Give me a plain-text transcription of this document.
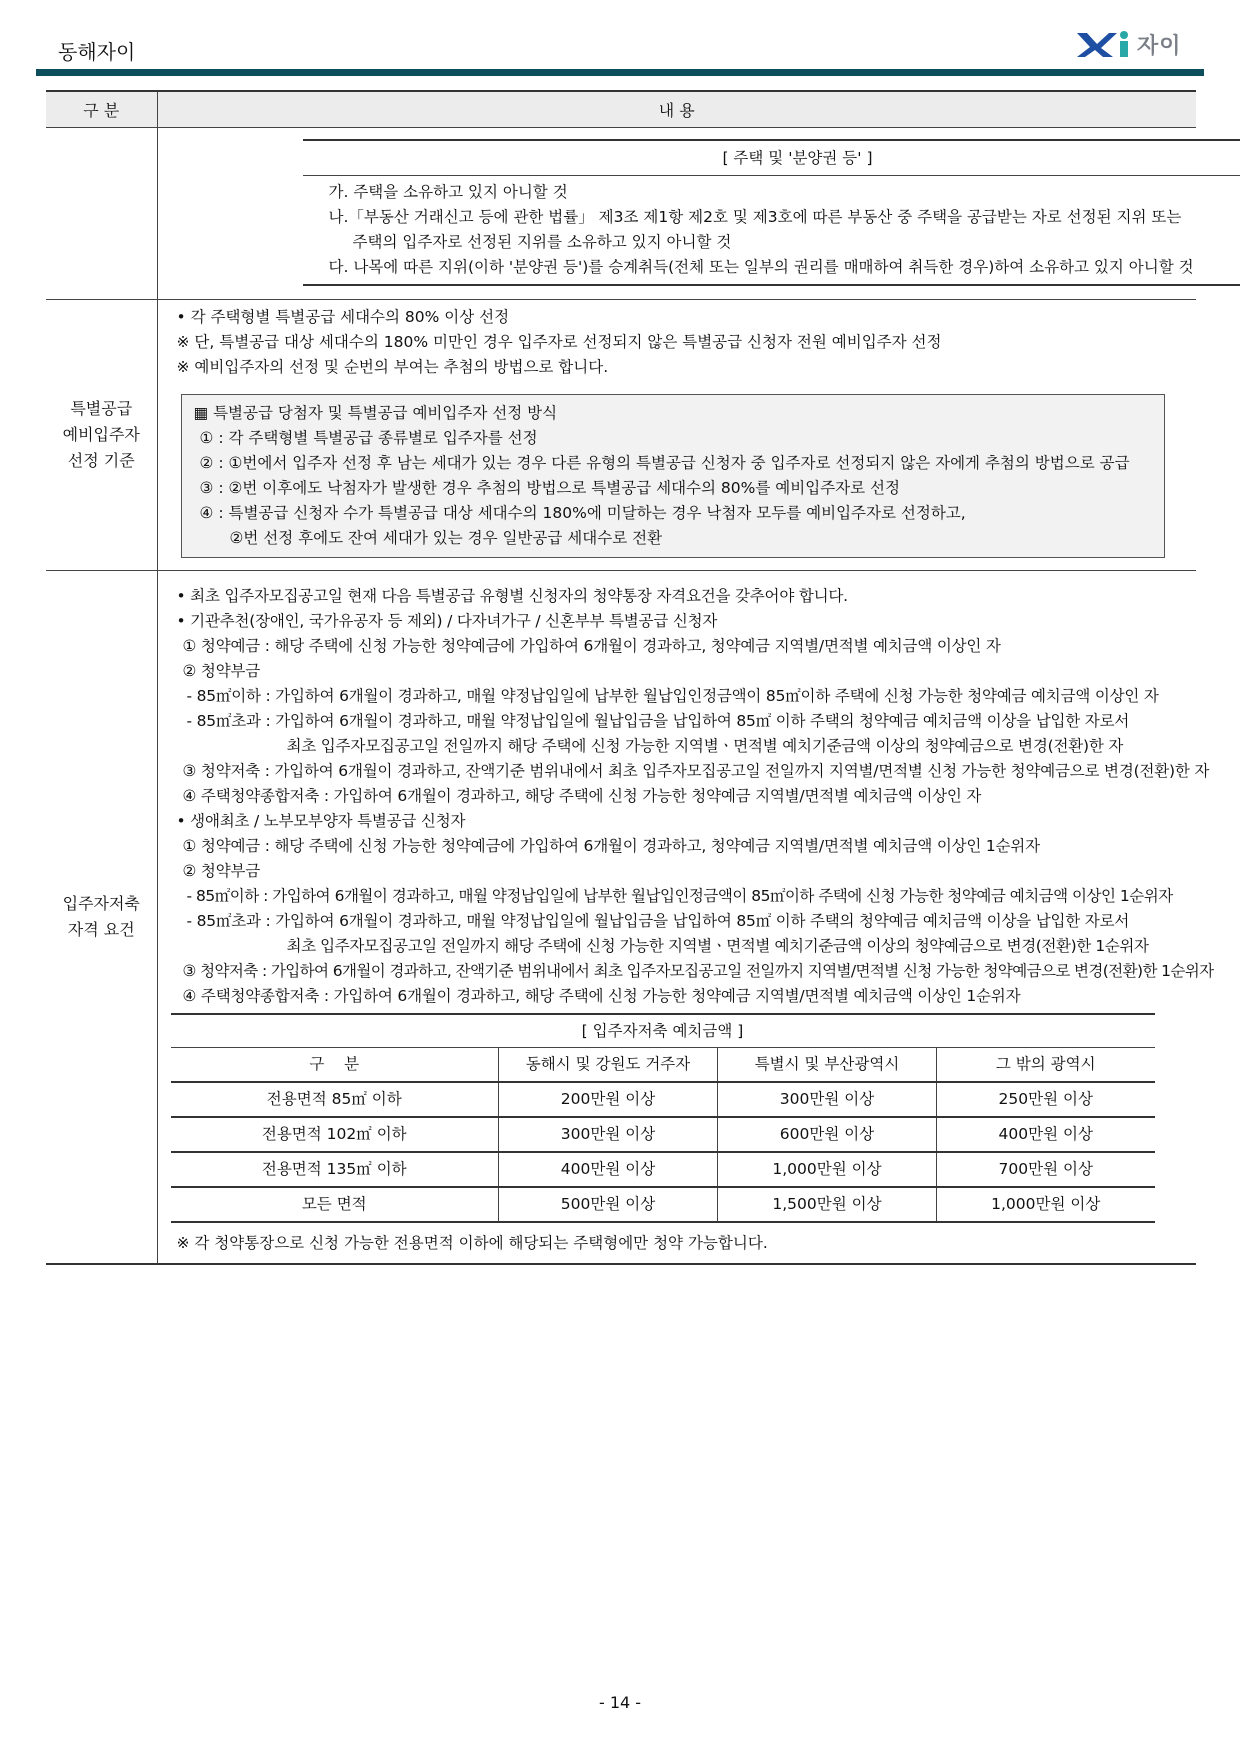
동해자이	자이
구 분	내 용

[ 주택 및 '분양권 등' ]
가. 주택을 소유하고 있지 아니할 것
나.「부동산 거래신고 등에 관한 법률」 제3조 제1항 제2호 및 제3호에 따른 부동산 중 주택을 공급받는 자로 선정된 지위 또는
주택의 입주자로 선정된 지위를 소유하고 있지 아니할 것
다. 나목에 따른 지위(이하 '분양권 등')를 승계취득(전체 또는 일부의 권리를 매매하여 취득한 경우)하여 소유하고 있지 아니할 것

특별공급
예비입주자
선정 기준

• 각 주택형별 특별공급 세대수의 80% 이상 선정
※ 단, 특별공급 대상 세대수의 180% 미만인 경우 입주자로 선정되지 않은 특별공급 신청자 전원 예비입주자 선정
※ 예비입주자의 선정 및 순번의 부여는 추첨의 방법으로 합니다.
▦ 특별공급 당첨자 및 특별공급 예비입주자 선정 방식
① : 각 주택형별 특별공급 종류별로 입주자를 선정
② : ①번에서 입주자 선정 후 남는 세대가 있는 경우 다른 유형의 특별공급 신청자 중 입주자로 선정되지 않은 자에게 추첨의 방법으로 공급
③ : ②번 이후에도 낙첨자가 발생한 경우 추첨의 방법으로 특별공급 세대수의 80%를 예비입주자로 선정
④ : 특별공급 신청자 수가 특별공급 대상 세대수의 180%에 미달하는 경우 낙첨자 모두를 예비입주자로 선정하고,
②번 선정 후에도 잔여 세대가 있는 경우 일반공급 세대수로 전환

입주자저축
자격 요건

• 최초 입주자모집공고일 현재 다음 특별공급 유형별 신청자의 청약통장 자격요건을 갖추어야 합니다.
• 기관추천(장애인, 국가유공자 등 제외) / 다자녀가구 / 신혼부부 특별공급 신청자
① 청약예금 : 해당 주택에 신청 가능한 청약예금에 가입하여 6개월이 경과하고, 청약예금 지역별/면적별 예치금액 이상인 자
② 청약부금
- 85㎡이하 : 가입하여 6개월이 경과하고, 매월 약정납입일에 납부한 월납입인정금액이 85㎡이하 주택에 신청 가능한 청약예금 예치금액 이상인 자
- 85㎡초과 : 가입하여 6개월이 경과하고, 매월 약정납입일에 월납입금을 납입하여 85㎡ 이하 주택의 청약예금 예치금액 이상을 납입한 자로서
최초 입주자모집공고일 전일까지 해당 주택에 신청 가능한 지역별ㆍ면적별 예치기준금액 이상의 청약예금으로 변경(전환)한 자
③ 청약저축 : 가입하여 6개월이 경과하고, 잔액기준 범위내에서 최초 입주자모집공고일 전일까지 지역별/면적별 신청 가능한 청약예금으로 변경(전환)한 자
④ 주택청약종합저축 : 가입하여 6개월이 경과하고, 해당 주택에 신청 가능한 청약예금 지역별/면적별 예치금액 이상인 자
• 생애최초 / 노부모부양자 특별공급 신청자
① 청약예금 : 해당 주택에 신청 가능한 청약예금에 가입하여 6개월이 경과하고, 청약예금 지역별/면적별 예치금액 이상인 1순위자
② 청약부금
- 85㎡이하 : 가입하여 6개월이 경과하고, 매월 약정납입일에 납부한 월납입인정금액이 85㎡이하 주택에 신청 가능한 청약예금 예치금액 이상인 1순위자
- 85㎡초과 : 가입하여 6개월이 경과하고, 매월 약정납입일에 월납입금을 납입하여 85㎡ 이하 주택의 청약예금 예치금액 이상을 납입한 자로서
최초 입주자모집공고일 전일까지 해당 주택에 신청 가능한 지역별ㆍ면적별 예치기준금액 이상의 청약예금으로 변경(전환)한 1순위자
③ 청약저축 : 가입하여 6개월이 경과하고, 잔액기준 범위내에서 최초 입주자모집공고일 전일까지 지역별/면적별 신청 가능한 청약예금으로 변경(전환)한 1순위자
④ 주택청약종합저축 : 가입하여 6개월이 경과하고, 해당 주택에 신청 가능한 청약예금 지역별/면적별 예치금액 이상인 1순위자
[ 입주자저축 예치금액 ]
구    분	동해시 및 강원도 거주자	특별시 및 부산광역시	그 밖의 광역시
전용면적 85㎡ 이하	200만원 이상	300만원 이상	250만원 이상
전용면적 102㎡ 이하	300만원 이상	600만원 이상	400만원 이상
전용면적 135㎡ 이하	400만원 이상	1,000만원 이상	700만원 이상
모든 면적	500만원 이상	1,500만원 이상	1,000만원 이상
※ 각 청약통장으로 신청 가능한 전용면적 이하에 해당되는 주택형에만 청약 가능합니다.
- 14 -
